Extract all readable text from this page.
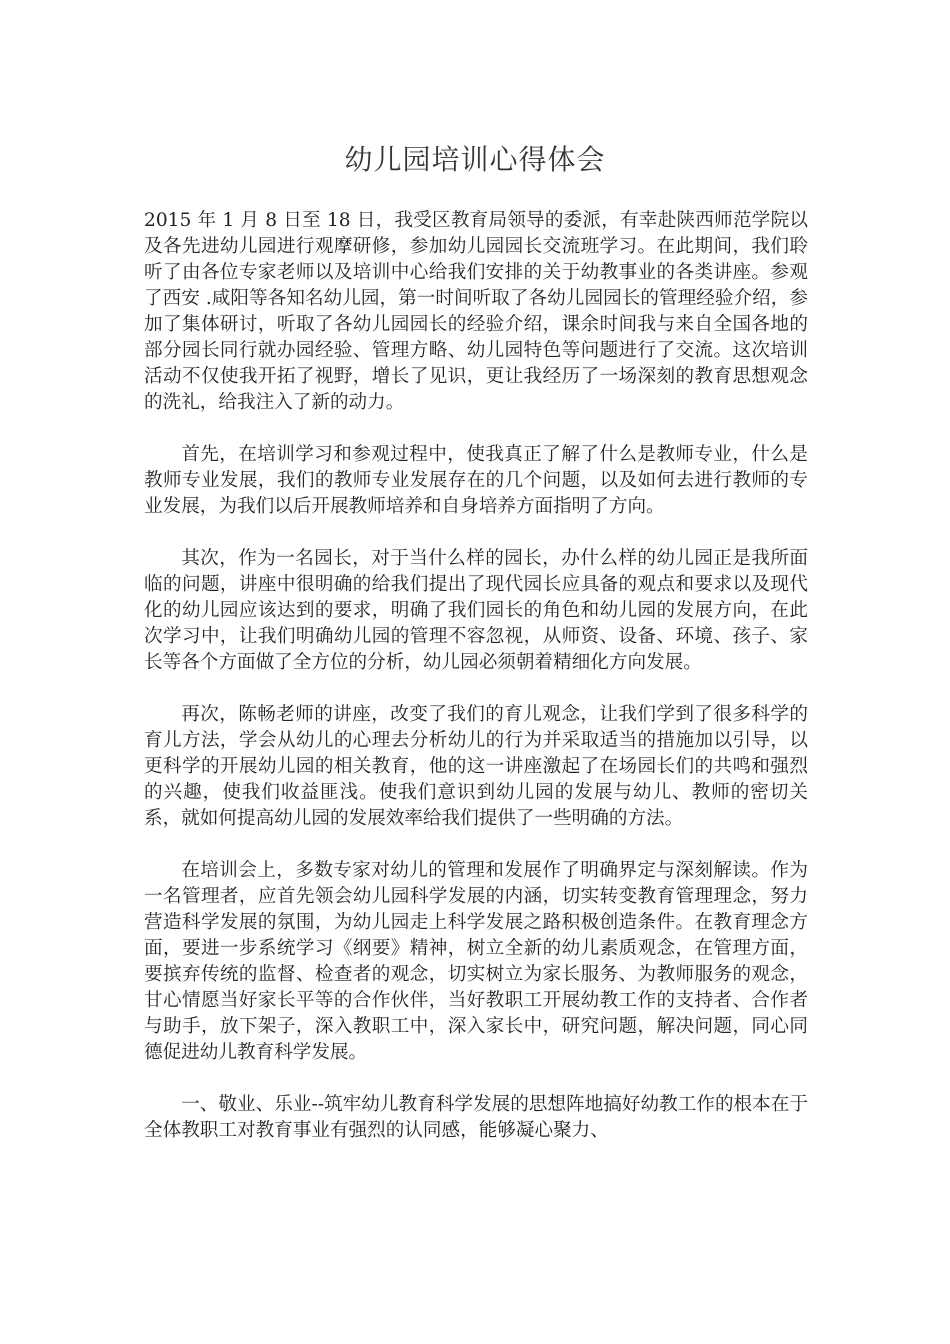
幼儿园培训心得体会

2015 年 1 月 8 日至 18 日，我受区教育局领导的委派，有幸赴陕西师范学院以及各先进幼儿园进行观摩研修，参加幼儿园园长交流班学习。在此期间，我们聆听了由各位专家老师以及培训中心给我们安排的关于幼教事业的各类讲座。参观了西安 .咸阳等各知名幼儿园，第一时间听取了各幼儿园园长的管理经验介绍，参加了集体研讨，听取了各幼儿园园长的经验介绍，课余时间我与来自全国各地的部分园长同行就办园经验、管理方略、幼儿园特色等问题进行了交流。这次培训活动不仅使我开拓了视野，增长了见识，更让我经历了一场深刻的教育思想观念的洗礼，给我注入了新的动力。

首先，在培训学习和参观过程中，使我真正了解了什么是教师专业，什么是教师专业发展，我们的教师专业发展存在的几个问题，以及如何去进行教师的专业发展，为我们以后开展教师培养和自身培养方面指明了方向。

其次，作为一名园长，对于当什么样的园长，办什么样的幼儿园正是我所面临的问题，讲座中很明确的给我们提出了现代园长应具备的观点和要求以及现代化的幼儿园应该达到的要求，明确了我们园长的角色和幼儿园的发展方向，在此次学习中，让我们明确幼儿园的管理不容忽视，从师资、设备、环境、孩子、家长等各个方面做了全方位的分析，幼儿园必须朝着精细化方向发展。

再次，陈畅老师的讲座，改变了我们的育儿观念，让我们学到了很多科学的育儿方法，学会从幼儿的心理去分析幼儿的行为并采取适当的措施加以引导，以更科学的开展幼儿园的相关教育，他的这一讲座激起了在场园长们的共鸣和强烈的兴趣，使我们收益匪浅。使我们意识到幼儿园的发展与幼儿、教师的密切关系，就如何提高幼儿园的发展效率给我们提供了一些明确的方法。

在培训会上，多数专家对幼儿的管理和发展作了明确界定与深刻解读。作为一名管理者，应首先领会幼儿园科学发展的内涵，切实转变教育管理理念，努力营造科学发展的氛围，为幼儿园走上科学发展之路积极创造条件。在教育理念方面，要进一步系统学习《纲要》精神，树立全新的幼儿素质观念，在管理方面，要摈弃传统的监督、检查者的观念，切实树立为家长服务、为教师服务的观念，甘心情愿当好家长平等的合作伙伴，当好教职工开展幼教工作的支持者、合作者与助手，放下架子，深入教职工中，深入家长中，研究问题，解决问题，同心同德促进幼儿教育科学发展。

一、敬业、乐业--筑牢幼儿教育科学发展的思想阵地搞好幼教工作的根本在于全体教职工对教育事业有强烈的认同感，能够凝心聚力、
